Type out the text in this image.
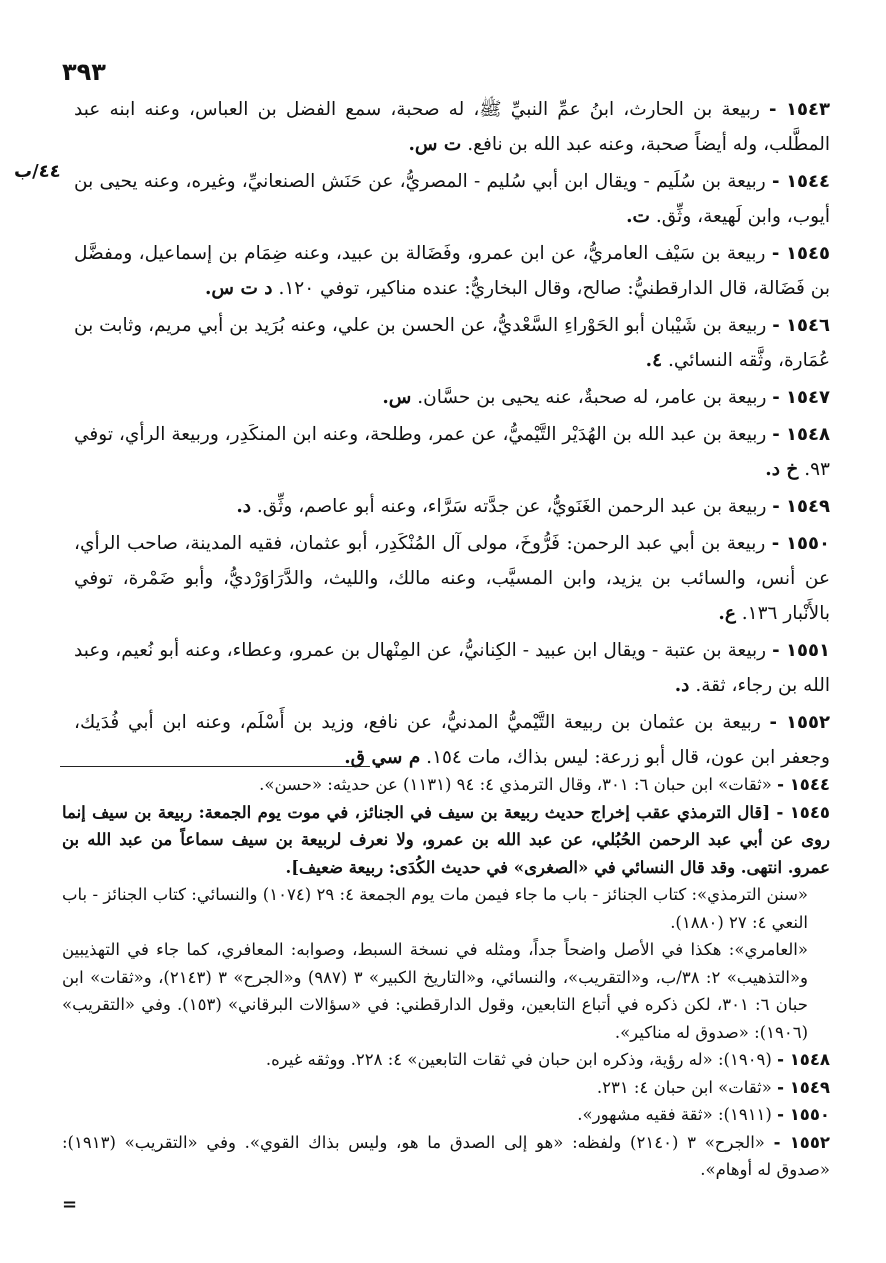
٣٩٣
٤٤/ب
١٥٤٣ - ربيعة بن الحارث، ابنُ عمِّ النبيِّ ﷺ، له صحبة، سمع الفضل بن العباس، وعنه ابنه عبد المطَّلب، وله أيضاً صحبة، وعنه عبد الله بن نافع. ت س.
١٥٤٤ - ربيعة بن سُلَيم - ويقال ابن أبي سُليم - المصريُّ، عن حَنَش الصنعانيِّ، وغيره، وعنه يحيى بن أيوب، وابن لَهيعة، وثِّق. ت.
١٥٤٥ - ربيعة بن سَيْف العامريُّ، عن ابن عمرو، وفَضَالة بن عبيد، وعنه ضِمَام بن إسماعيل، ومفضَّل بن فَضَالة، قال الدارقطنيُّ: صالح، وقال البخاريُّ: عنده مناكير، توفي ١٢٠. د ت س.
١٥٤٦ - ربيعة بن شَيْبان أبو الحَوْراءِ السَّعْديُّ، عن الحسن بن علي، وعنه بُرَيد بن أبي مريم، وثابت بن عُمَارة، وثَّقه النسائي. ٤.
١٥٤٧ - ربيعة بن عامر، له صحبةٌ، عنه يحيى بن حسَّان. س.
١٥٤٨ - ربيعة بن عبد الله بن الهُدَيْر التَّيْميُّ، عن عمر، وطلحة، وعنه ابن المنكَدِر، وربيعة الرأي، توفي ٩٣. خ د.
١٥٤٩ - ربيعة بن عبد الرحمن الغَنَويُّ، عن جدَّته سَرَّاء، وعنه أبو عاصم، وثِّق. د.
١٥٥٠ - ربيعة بن أبي عبد الرحمن: فَرُّوخَ، مولى آل المُنْكَدِر، أبو عثمان، فقيه المدينة، صاحب الرأي، عن أنس، والسائب بن يزيد، وابن المسيَّب، وعنه مالك، والليث، والدَّرَاوَرْديُّ، وأبو ضَمْرة، توفي بالأَنْبار ١٣٦. ع.
١٥٥١ - ربيعة بن عتبة - ويقال ابن عبيد - الكِنانيُّ، عن المِنْهال بن عمرو، وعطاء، وعنه أبو نُعيم، وعبد الله بن رجاء، ثقة. د.
١٥٥٢ - ربيعة بن عثمان بن ربيعة التَّيْميُّ المدنيُّ، عن نافع، وزيد بن أَسْلَم، وعنه ابن أبي فُدَيك، وجعفر ابن عون، قال أبو زرعة: ليس بذاك، مات ١٥٤. م سي ق.
١٥٤٤ - «ثقات» ابن حبان ٦: ٣٠١، وقال الترمذي ٤: ٩٤ (١١٣١) عن حديثه: «حسن».
١٥٤٥ - [قال الترمذي عقب إخراج حديث ربيعة بن سيف في الجنائز، في موت يوم الجمعة: ربيعة بن سيف إنما روى عن أبي عبد الرحمن الحُبُلي، عن عبد الله بن عمرو، ولا نعرف لربيعة بن سيف سماعاً من عبد الله بن عمرو. انتهى. وقد قال النسائي في «الصغرى» في حديث الكُدَى: ربيعة ضعيف].
«سنن الترمذي»: كتاب الجنائز - باب ما جاء فيمن مات يوم الجمعة ٤: ٢٩ (١٠٧٤) والنسائي: كتاب الجنائز - باب النعي ٤: ٢٧ (١٨٨٠).
«العامري»: هكذا في الأصل واضحاً جداً، ومثله في نسخة السبط، وصوابه: المعافري، كما جاء في التهذيبين و«التذهيب» ٢: ٣٨/ب، و«التقريب»، والنسائي، و«التاريخ الكبير» ٣ (٩٨٧) و«الجرح» ٣ (٢١٤٣)، و«ثقات» ابن حبان ٦: ٣٠١، لكن ذكره في أتباع التابعين، وقول الدارقطني: في «سؤالات البرقاني» (١٥٣). وفي «التقريب» (١٩٠٦): «صدوق له مناكير».
١٥٤٨ - (١٩٠٩): «له رؤية، وذكره ابن حبان في ثقات التابعين» ٤: ٢٢٨. ووثقه غيره.
١٥٤٩ - «ثقات» ابن حبان ٤: ٢٣١.
١٥٥٠ - (١٩١١): «ثقة فقيه مشهور».
١٥٥٢ - «الجرح» ٣ (٢١٤٠) ولفظه: «هو إلى الصدق ما هو، وليس بذاك القوي». وفي «التقريب» (١٩١٣): «صدوق له أوهام».
=
